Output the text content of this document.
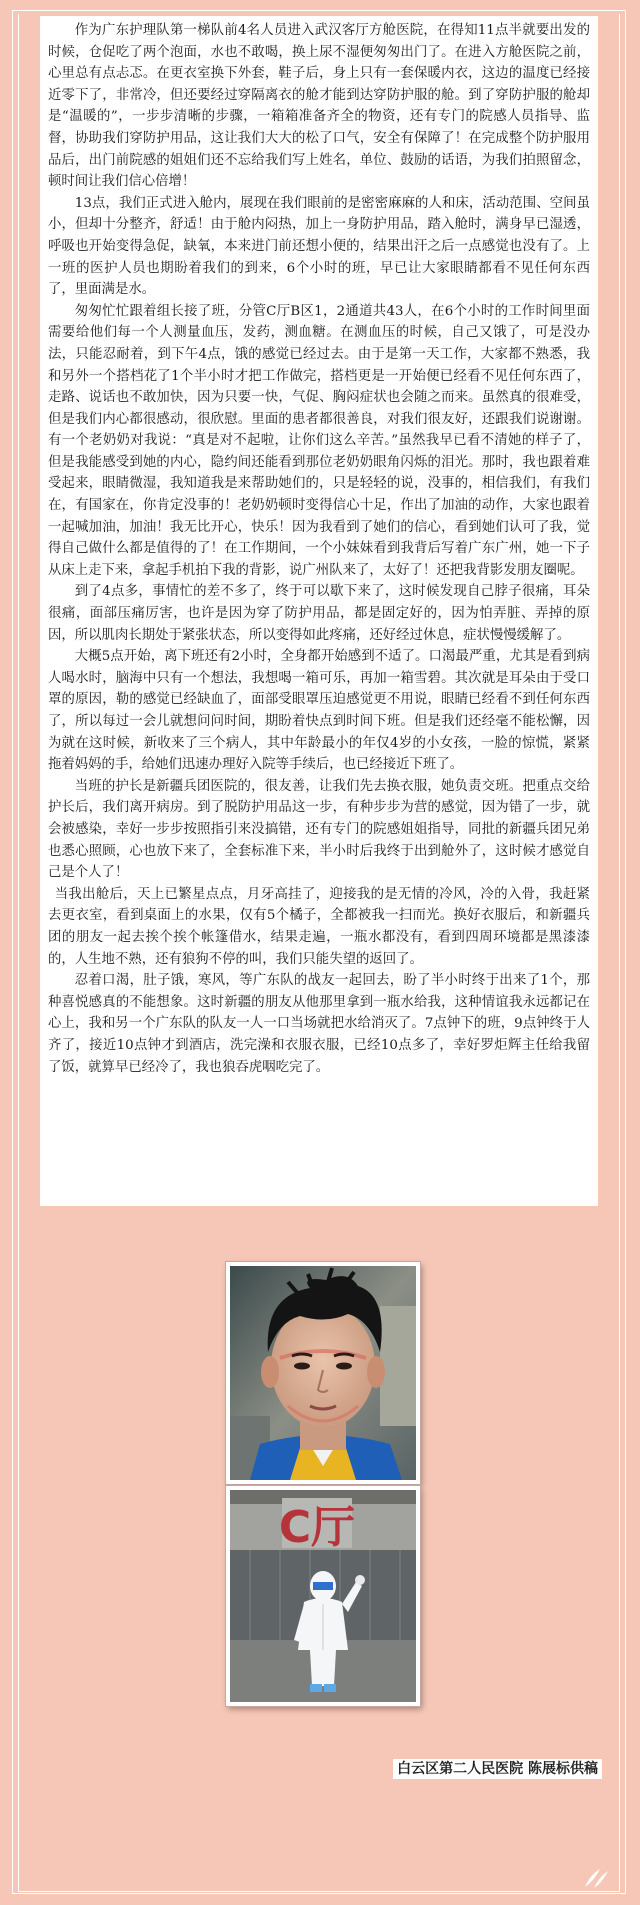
作为广东护理队第一梯队前4名人员进入武汉客厅方舱医院，在得知11点半就要出发的时候，仓促吃了两个泡面，水也不敢喝，换上尿不湿便匆匆出门了。在进入方舱医院之前，心里总有点忐忑。在更衣室换下外套，鞋子后，身上只有一套保暖内衣，这边的温度已经接近零下了，非常冷，但还要经过穿隔离衣的舱才能到达穿防护服的舱。到了穿防护服的舱却是“温暖的”，一步步清晰的步骤，一箱箱准备齐全的物资，还有专门的院感人员指导、监督，协助我们穿防护用品，这让我们大大的松了口气，安全有保障了！在完成整个防护服用品后，出门前院感的姐姐们还不忘给我们写上姓名，单位、鼓励的话语，为我们拍照留念，顿时间让我们信心倍增！

13点，我们正式进入舱内，展现在我们眼前的是密密麻麻的人和床，活动范围、空间虽小，但却十分整齐，舒适！由于舱内闷热，加上一身防护用品，踏入舱时，满身早已湿透，呼吸也开始变得急促，缺氧，本来进门前还想小便的，结果出汗之后一点感觉也没有了。上一班的医护人员也期盼着我们的到来，6个小时的班，早已让大家眼睛都看不见任何东西了，里面满是水。

匆匆忙忙跟着组长接了班，分管C厅B区1，2通道共43人，在6个小时的工作时间里面需要给他们每一个人测量血压，发药，测血糖。在测血压的时候，自己又饿了，可是没办法，只能忍耐着，到下午4点，饿的感觉已经过去。由于是第一天工作，大家都不熟悉，我和另外一个搭档花了1个半小时才把工作做完，搭档更是一开始便已经看不见任何东西了，走路、说话也不敢加快，因为只要一快，气促、胸闷症状也会随之而来。虽然真的很难受，但是我们内心都很感动，很欣慰。里面的患者都很善良，对我们很友好，还跟我们说谢谢。有一个老奶奶对我说：“真是对不起啦，让你们这么辛苦。”虽然我早已看不清她的样子了，但是我能感受到她的内心，隐约间还能看到那位老奶奶眼角闪烁的泪光。那时，我也跟着难受起来，眼睛微湿，我知道我是来帮助她们的，只是轻轻的说，没事的，相信我们，有我们在，有国家在，你肯定没事的！老奶奶顿时变得信心十足，作出了加油的动作，大家也跟着一起喊加油，加油！我无比开心，快乐！因为我看到了她们的信心，看到她们认可了我，觉得自己做什么都是值得的了！在工作期间，一个小妹妹看到我背后写着广东广州，她一下子从床上走下来，拿起手机拍下我的背影，说广州队来了，太好了！还把我背影发朋友圈呢。

到了4点多，事情忙的差不多了，终于可以歇下来了，这时候发现自己脖子很痛，耳朵很痛，面部压痛厉害，也许是因为穿了防护用品，都是固定好的，因为怕弄脏、弄掉的原因，所以肌肉长期处于紧张状态，所以变得如此疼痛，还好经过休息，症状慢慢缓解了。

大概5点开始，离下班还有2小时，全身都开始感到不适了。口渴最严重，尤其是看到病人喝水时，脑海中只有一个想法，我想喝一箱可乐，再加一箱雪碧。其次就是耳朵由于受口罩的原因，勒的感觉已经缺血了，面部受眼罩压迫感觉更不用说，眼睛已经看不到任何东西了，所以每过一会儿就想问问时间，期盼着快点到时间下班。但是我们还经毫不能松懈，因为就在这时候，新收来了三个病人，其中年龄最小的年仅4岁的小女孩，一脸的惊慌，紧紧拖着妈妈的手，给她们迅速办理好入院等手续后，也已经接近下班了。

当班的护长是新疆兵团医院的，很友善，让我们先去换衣服，她负责交班。把重点交给护长后，我们离开病房。到了脱防护用品这一步，有种步步为营的感觉，因为错了一步，就会被感染，幸好一步步按照指引来没搞错，还有专门的院感姐姐指导，同批的新疆兵团兄弟也悉心照顾，心也放下来了，全套标准下来，半小时后我终于出到舱外了，这时候才感觉自己是个人了！

当我出舱后，天上已繁星点点，月牙高挂了，迎接我的是无情的冷风，冷的入骨，我赶紧去更衣室，看到桌面上的水果，仅有5个橘子，全都被我一扫而光。换好衣服后，和新疆兵团的朋友一起去挨个挨个帐篷借水，结果走遍，一瓶水都没有，看到四周环境都是黑漆漆的，人生地不熟，还有狼狗不停的叫，我们只能失望的返回了。

忍着口渴，肚子饿，寒风，等广东队的战友一起回去，盼了半小时终于出来了1个，那种喜悦感真的不能想象。这时新疆的朋友从他那里拿到一瓶水给我，这种情谊我永远都记在心上，我和另一个广东队的队友一人一口当场就把水给消灭了。7点钟下的班，9点钟终于人齐了，接近10点钟才到酒店，洗完澡和衣服衣服，已经10点多了，幸好罗炬辉主任给我留了饭，就算早已经冷了，我也狼吞虎咽吃完了。

C厅
白云区第二人民医院 陈展标供稿
